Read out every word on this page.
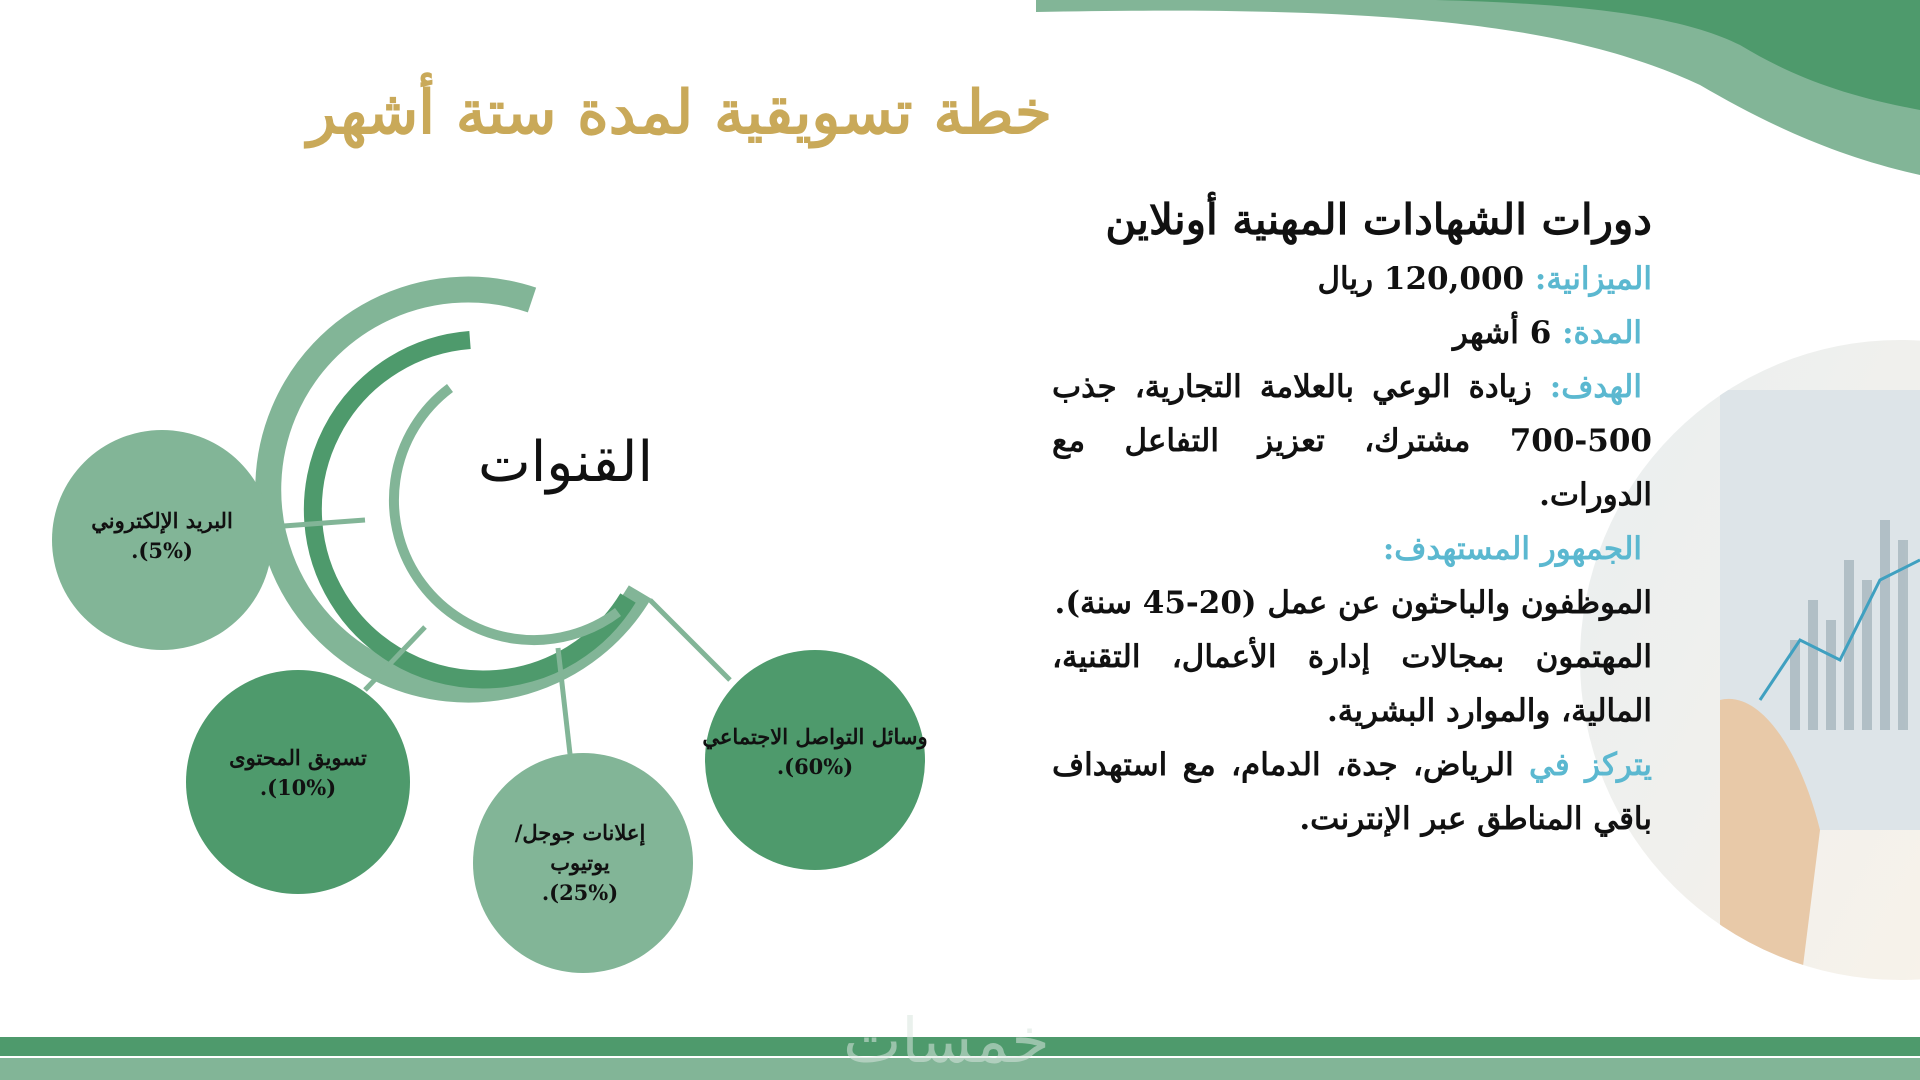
خطة تسويقية لمدة ستة أشهر
دورات الشهادات المهنية أونلاين
الميزانية: 120,000 ريال
المدة: 6 أشهر
الهدف: زيادة الوعي بالعلامة التجارية، جذب 500-700 مشترك، تعزيز التفاعل مع الدورات.
الجمهور المستهدف:
الموظفون والباحثون عن عمل (20-45 سنة).
المهتمون بمجالات إدارة الأعمال، التقنية، المالية، والموارد البشرية.
يتركز في الرياض، جدة، الدمام، مع استهداف باقي المناطق عبر الإنترنت.
القنوات
البريد الإلكتروني
(5%).
تسويق المحتوى
(10%).
إعلانات جوجل/ يوتيوب
(25%).
وسائل التواصل الاجتماعي
(60%).
خمسات
